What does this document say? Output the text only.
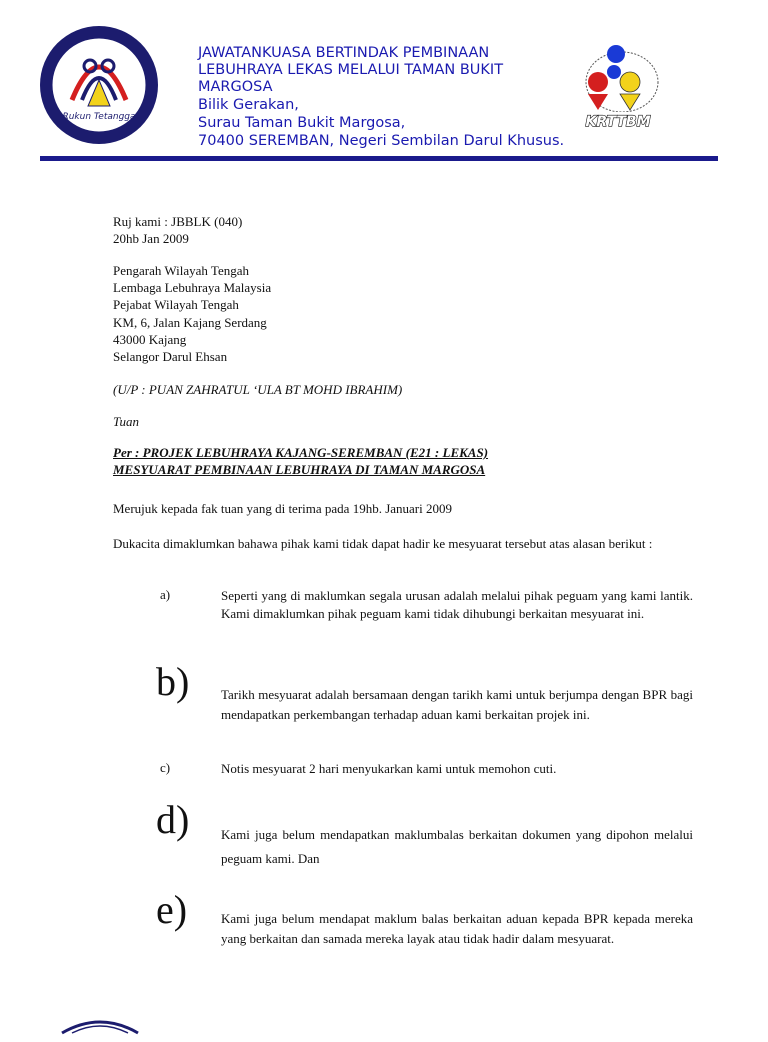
Rukun Tetangga
JAWATANKUASA BERTINDAK PEMBINAAN
LEBUHRAYA LEKAS MELALUI TAMAN BUKIT
MARGOSA
Bilik Gerakan,
Surau Taman Bukit Margosa,
70400 SEREMBAN, Negeri Sembilan Darul Khusus.
KRTTBM
Ruj kami : JBBLK (040)
20hb Jan 2009
Pengarah Wilayah Tengah
Lembaga Lebuhraya Malaysia
Pejabat Wilayah Tengah
KM, 6, Jalan Kajang Serdang
43000 Kajang
Selangor Darul Ehsan
(U/P : PUAN ZAHRATUL ‘ULA BT MOHD IBRAHIM)
Tuan
Per : PROJEK LEBUHRAYA KAJANG-SEREMBAN (E21 : LEKAS)
MESYUARAT PEMBINAAN LEBUHRAYA DI TAMAN MARGOSA
Merujuk kepada fak tuan yang di terima pada 19hb. Januari 2009
Dukacita dimaklumkan bahawa pihak kami tidak dapat hadir ke mesyuarat tersebut atas alasan berikut :
a)	Seperti yang di maklumkan segala urusan adalah melalui pihak peguam yang kami lantik. Kami dimaklumkan pihak peguam kami tidak dihubungi berkaitan mesyuarat ini.
b) Tarikh mesyuarat adalah bersamaan dengan tarikh kami untuk berjumpa dengan BPR bagi mendapatkan perkembangan terhadap aduan kami berkaitan projek ini.
c)	Notis mesyuarat 2 hari menyukarkan kami untuk memohon cuti.
d) Kami juga belum mendapatkan maklumbalas berkaitan dokumen yang dipohon melalui peguam kami. Dan
e)	Kami juga belum mendapat maklum balas berkaitan aduan kepada BPR kepada mereka yang berkaitan dan samada mereka layak atau tidak hadir dalam mesyuarat.
